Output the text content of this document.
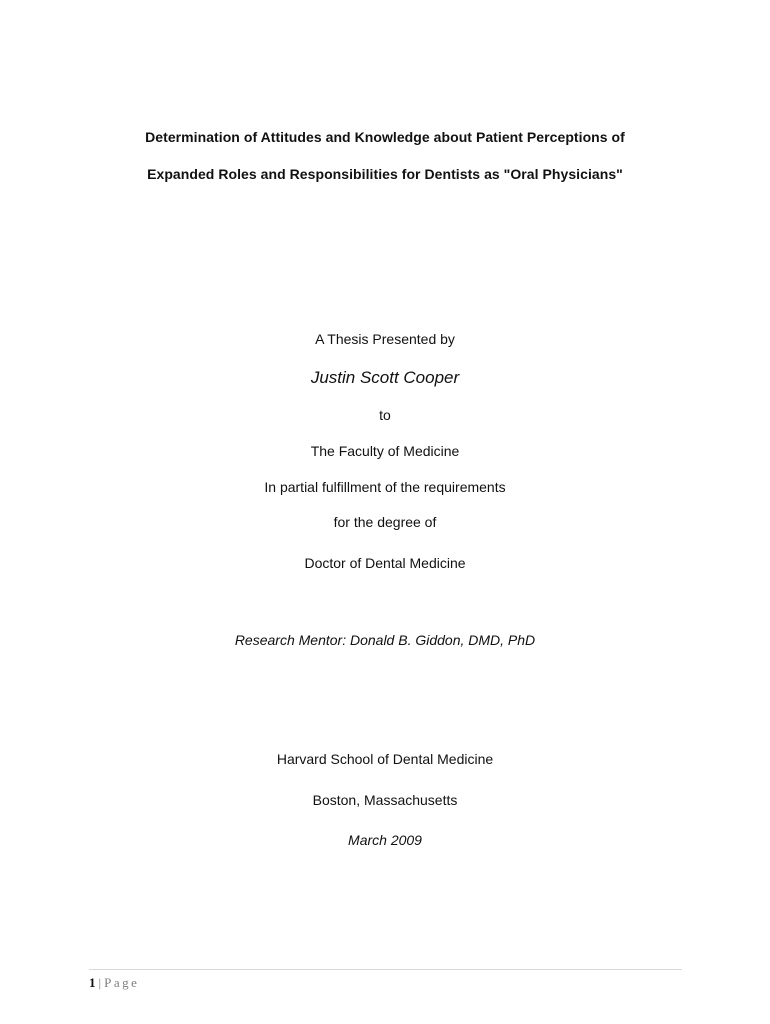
Determination of Attitudes and Knowledge about Patient Perceptions of
Expanded Roles and Responsibilities for Dentists as "Oral Physicians"
A Thesis Presented by
Justin Scott Cooper
to
The Faculty of Medicine
In partial fulfillment of the requirements
for the degree of
Doctor of Dental Medicine
Research Mentor: Donald B. Giddon, DMD, PhD
Harvard School of Dental Medicine
Boston, Massachusetts
March 2009
1 | Page
